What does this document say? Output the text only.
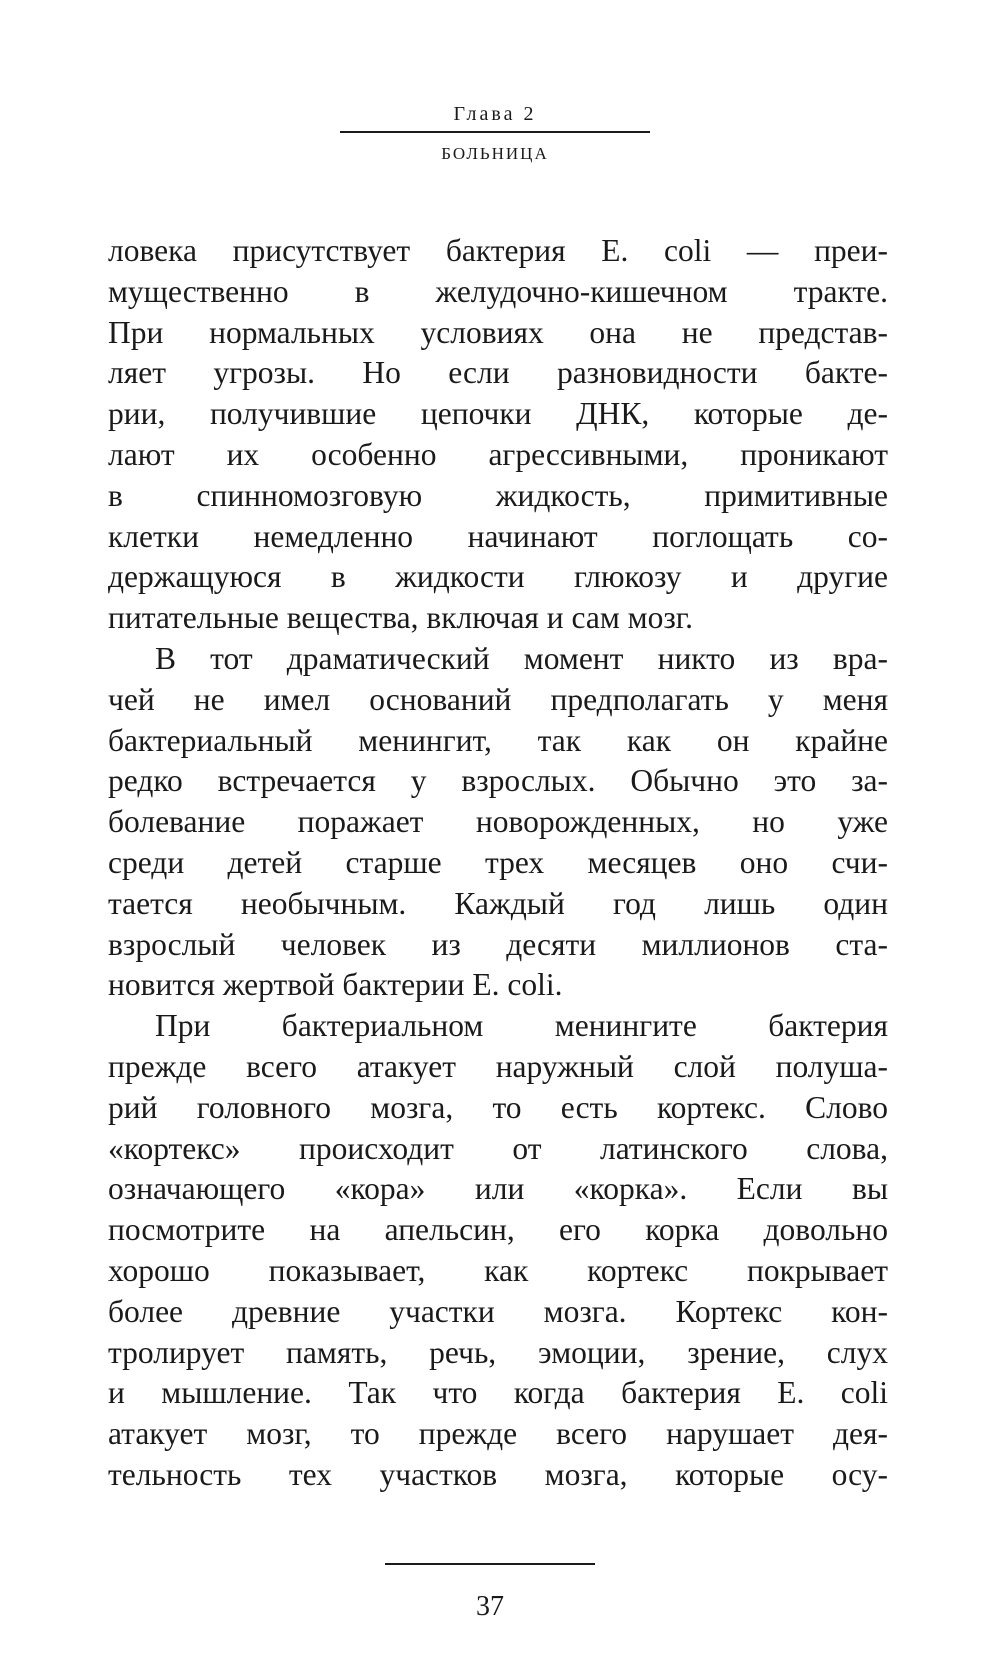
Глава 2
БОЛЬНИЦА
ловека присутствует бактерия E. coli — преи-
мущественно в желудочно-кишечном тракте.
При нормальных условиях она не представ-
ляет угрозы. Но если разновидности бакте-
рии, получившие цепочки ДНК, которые де-
лают их особенно агрессивными, проникают
в спинномозговую жидкость, примитивные
клетки немедленно начинают поглощать со-
держащуюся в жидкости глюкозу и другие
питательные вещества, включая и сам мозг.
В тот драматический момент никто из вра-
чей не имел оснований предполагать у меня
бактериальный менингит, так как он крайне
редко встречается у взрослых. Обычно это за-
болевание поражает новорожденных, но уже
среди детей старше трех месяцев оно счи-
тается необычным. Каждый год лишь один
взрослый человек из десяти миллионов ста-
новится жертвой бактерии E. coli.
При бактериальном менингите бактерия
прежде всего атакует наружный слой полуша-
рий головного мозга, то есть кортекс. Слово
«кортекс» происходит от латинского слова,
означающего «кора» или «корка». Если вы
посмотрите на апельсин, его корка довольно
хорошо показывает, как кортекс покрывает
более древние участки мозга. Кортекс кон-
тролирует память, речь, эмоции, зрение, слух
и мышление. Так что когда бактерия E. coli
атакует мозг, то прежде всего нарушает дея-
тельность тех участков мозга, которые осу-
37
